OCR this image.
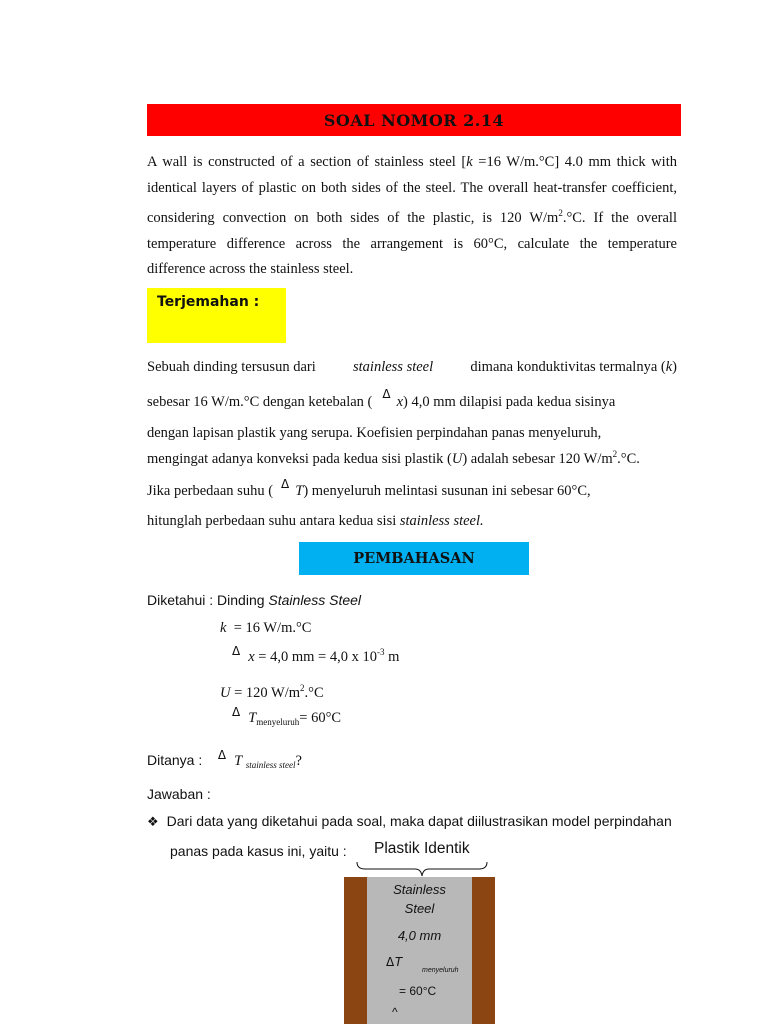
SOAL NOMOR 2.14
A wall is constructed of a section of stainless steel [k =16 W/m.°C] 4.0 mm thick with identical layers of plastic on both sides of the steel. The overall heat-transfer coefficient, considering convection on both sides of the plastic, is 120 $W/m^2.^\circ C$. If the overall temperature difference across the arrangement is 60°C, calculate the temperature difference across the stainless steel.
Terjemahan :
Sebuah dinding tersusun dari	stainless steel	dimana konduktivitas termalnya (k)
sebesar 16 W/m.°C dengan ketebalan ( $^\Delta$ x) 4,0 mm dilapisi pada kedua sisinya
dengan lapisan plastik yang serupa. Koefisien perpindahan panas menyeluruh,
mengingat adanya konveksi pada kedua sisi plastik (U) adalah sebesar 120 $W/m^2.^\circ C$.
Jika perbedaan suhu ( $^\Delta$ T) menyeluruh melintasi susunan ini sebesar 60°C,
hitunglah perbedaan suhu antara kedua sisi
stainless steel.
PEMBAHASAN
Diketahui : Dinding Stainless Steel
k = 16 W/m.°C
$^\Delta$ x = 4,0 mm = 4,0 x $10^{-3}$ m
U = 120 $W/m^2.^\circ C$
$^\Delta$ $T_{menyeluruh}= 60^\circ C$
Ditanya : $^\Delta$ T $_{stainless steel}$?
Jawaban :
❖ Dari data yang diketahui pada soal, maka dapat diilustrasikan model perpindahan
panas pada kasus ini, yaitu : Plastik Identik
Stainless
Steel
4,0 mm
ΔT
menyeluruh
= 60°C
^
